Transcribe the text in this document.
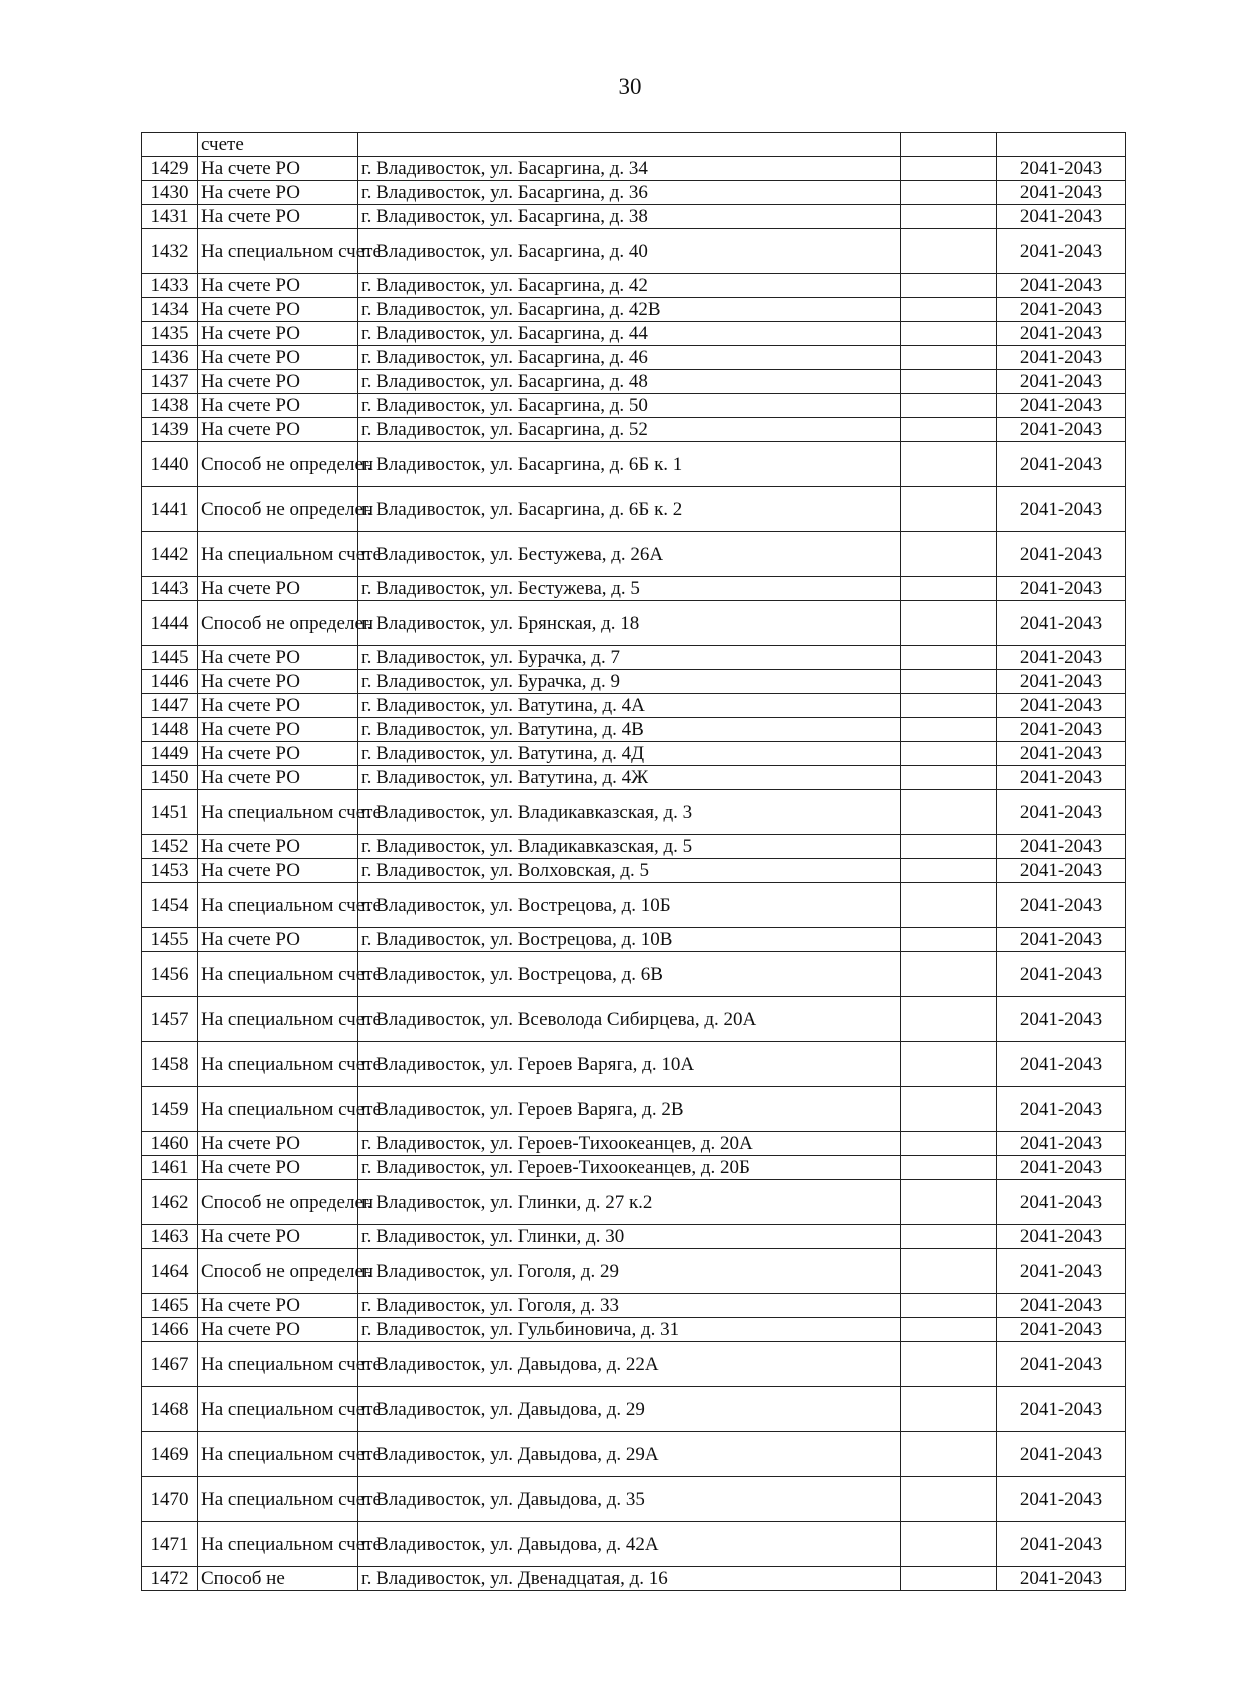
30
	счете			
1429	На счете РО	г. Владивосток, ул. Басаргина, д. 34		2041-2043
1430	На счете РО	г. Владивосток, ул. Басаргина, д. 36		2041-2043
1431	На счете РО	г. Владивосток, ул. Басаргина, д. 38		2041-2043
1432	На специальном счете	г. Владивосток, ул. Басаргина, д. 40		2041-2043
1433	На счете РО	г. Владивосток, ул. Басаргина, д. 42		2041-2043
1434	На счете РО	г. Владивосток, ул. Басаргина, д. 42В		2041-2043
1435	На счете РО	г. Владивосток, ул. Басаргина, д. 44		2041-2043
1436	На счете РО	г. Владивосток, ул. Басаргина, д. 46		2041-2043
1437	На счете РО	г. Владивосток, ул. Басаргина, д. 48		2041-2043
1438	На счете РО	г. Владивосток, ул. Басаргина, д. 50		2041-2043
1439	На счете РО	г. Владивосток, ул. Басаргина, д. 52		2041-2043
1440	Способ не определен	г. Владивосток, ул. Басаргина, д. 6Б к. 1		2041-2043
1441	Способ не определен	г. Владивосток, ул. Басаргина, д. 6Б к. 2		2041-2043
1442	На специальном счете	г. Владивосток, ул. Бестужева, д. 26А		2041-2043
1443	На счете РО	г. Владивосток, ул. Бестужева, д. 5		2041-2043
1444	Способ не определен	г. Владивосток, ул. Брянская, д. 18		2041-2043
1445	На счете РО	г. Владивосток, ул. Бурачка, д. 7		2041-2043
1446	На счете РО	г. Владивосток, ул. Бурачка, д. 9		2041-2043
1447	На счете РО	г. Владивосток, ул. Ватутина, д. 4А		2041-2043
1448	На счете РО	г. Владивосток, ул. Ватутина, д. 4В		2041-2043
1449	На счете РО	г. Владивосток, ул. Ватутина, д. 4Д		2041-2043
1450	На счете РО	г. Владивосток, ул. Ватутина, д. 4Ж		2041-2043
1451	На специальном счете	г. Владивосток, ул. Владикавказская, д. 3		2041-2043
1452	На счете РО	г. Владивосток, ул. Владикавказская, д. 5		2041-2043
1453	На счете РО	г. Владивосток, ул. Волховская, д. 5		2041-2043
1454	На специальном счете	г. Владивосток, ул. Вострецова, д. 10Б		2041-2043
1455	На счете РО	г. Владивосток, ул. Вострецова, д. 10В		2041-2043
1456	На специальном счете	г. Владивосток, ул. Вострецова, д. 6В		2041-2043
1457	На специальном счете	г. Владивосток, ул. Всеволода Сибирцева, д. 20А		2041-2043
1458	На специальном счете	г. Владивосток, ул. Героев Варяга, д. 10А		2041-2043
1459	На специальном счете	г. Владивосток, ул. Героев Варяга, д. 2В		2041-2043
1460	На счете РО	г. Владивосток, ул. Героев-Тихоокеанцев, д. 20А		2041-2043
1461	На счете РО	г. Владивосток, ул. Героев-Тихоокеанцев, д. 20Б		2041-2043
1462	Способ не определен	г. Владивосток, ул. Глинки, д. 27 к.2		2041-2043
1463	На счете РО	г. Владивосток, ул. Глинки, д. 30		2041-2043
1464	Способ не определен	г. Владивосток, ул. Гоголя, д. 29		2041-2043
1465	На счете РО	г. Владивосток, ул. Гоголя, д. 33		2041-2043
1466	На счете РО	г. Владивосток, ул. Гульбиновича, д. 31		2041-2043
1467	На специальном счете	г. Владивосток, ул. Давыдова, д. 22А		2041-2043
1468	На специальном счете	г. Владивосток, ул. Давыдова, д. 29		2041-2043
1469	На специальном счете	г. Владивосток, ул. Давыдова, д. 29А		2041-2043
1470	На специальном счете	г. Владивосток, ул. Давыдова, д. 35		2041-2043
1471	На специальном счете	г. Владивосток, ул. Давыдова, д. 42А		2041-2043
1472	Способ не	г. Владивосток, ул. Двенадцатая, д. 16		2041-2043
